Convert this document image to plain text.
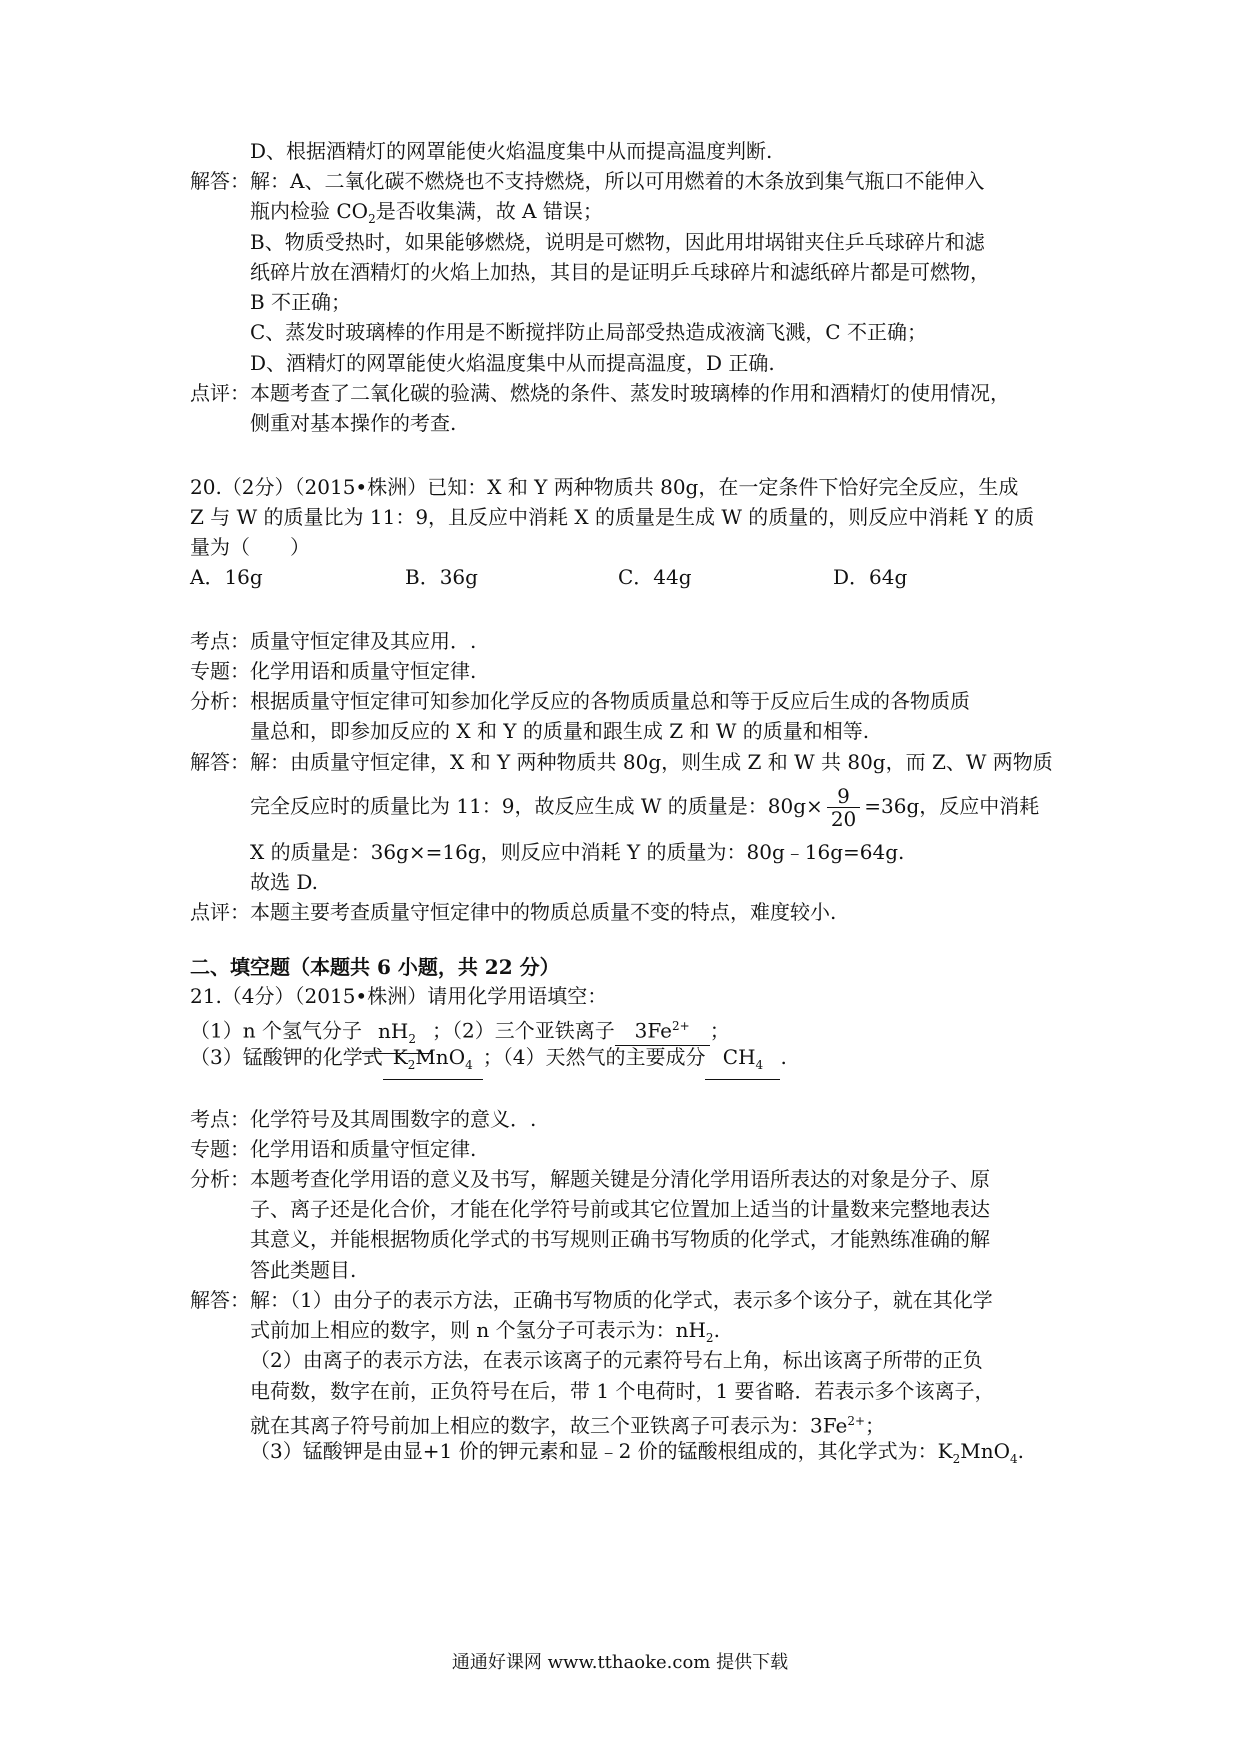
D、根据酒精灯的网罩能使火焰温度集中从而提高温度判断.
解答：解：A、二氧化碳不燃烧也不支持燃烧，所以可用燃着的木条放到集气瓶口不能伸入
瓶内检验 $CO_2$是否收集满，故 A 错误；
B、物质受热时，如果能够燃烧，说明是可燃物，因此用坩埚钳夹住乒乓球碎片和滤
纸碎片放在酒精灯的火焰上加热，其目的是证明乒乓球碎片和滤纸碎片都是可燃物，
B 不正确；
C、蒸发时玻璃棒的作用是不断搅拌防止局部受热造成液滴飞溅，C 不正确；
D、酒精灯的网罩能使火焰温度集中从而提高温度，D 正确.
点评：本题考查了二氧化碳的验满、燃烧的条件、蒸发时玻璃棒的作用和酒精灯的使用情况，
侧重对基本操作的考查.
20.（2分）（2015•株洲）已知：X 和 Y 两种物质共 80g，在一定条件下恰好完全反应，生成
Z 与 W 的质量比为 11：9，且反应中消耗 X 的质量是生成 W 的质量的，则反应中消耗 Y 的质
量为（　　）
A．16g	B．36g	C．44g	D．64g
考点：质量守恒定律及其应用．.
专题：化学用语和质量守恒定律.
分析：根据质量守恒定律可知参加化学反应的各物质质量总和等于反应后生成的各物质质
量总和，即参加反应的 X 和 Y 的质量和跟生成 Z 和 W 的质量和相等.
解答：解：由质量守恒定律，X 和 Y 两种物质共 80g，则生成 Z 和 W 共 80g，而 Z、W 两物质
完全反应时的质量比为 11：9，故反应生成 W 的质量是：$80g\times \frac{9}{20} =36g$，反应中消耗
X 的质量是：36g×=16g，则反应中消耗 Y 的质量为：80g﹣16g=64g.
故选 D.
点评：本题主要考查质量守恒定律中的物质总质量不变的特点，难度较小.
二、填空题（本题共 6 小题，共 22 分）
21.（4分）（2015•株洲）请用化学用语填空：
（1）n 个氢气分子 $nH_2$ ；（2）三个亚铁离子 $3Fe^{2+}$ ；
（3）锰酸钾的化学式 $K_2MnO_4$ ；（4）天然气的主要成分 $CH_4$ .
考点：化学符号及其周围数字的意义．.
专题：化学用语和质量守恒定律.
分析：本题考查化学用语的意义及书写，解题关键是分清化学用语所表达的对象是分子、原
子、离子还是化合价，才能在化学符号前或其它位置加上适当的计量数来完整地表达
其意义，并能根据物质化学式的书写规则正确书写物质的化学式，才能熟练准确的解
答此类题目.
解答：解：（1）由分子的表示方法，正确书写物质的化学式，表示多个该分子，就在其化学
式前加上相应的数字，则 n 个氢分子可表示为：$nH_2$.
（2）由离子的表示方法，在表示该离子的元素符号右上角，标出该离子所带的正负
电荷数，数字在前，正负符号在后，带 1 个电荷时，1 要省略．若表示多个该离子，
就在其离子符号前加上相应的数字，故三个亚铁离子可表示为：$3Fe^{2+}$；
（3）锰酸钾是由显+1 价的钾元素和显﹣2 价的锰酸根组成的，其化学式为：$K_2MnO_4$.
通通好课网 www.tthaoke.com 提供下载
